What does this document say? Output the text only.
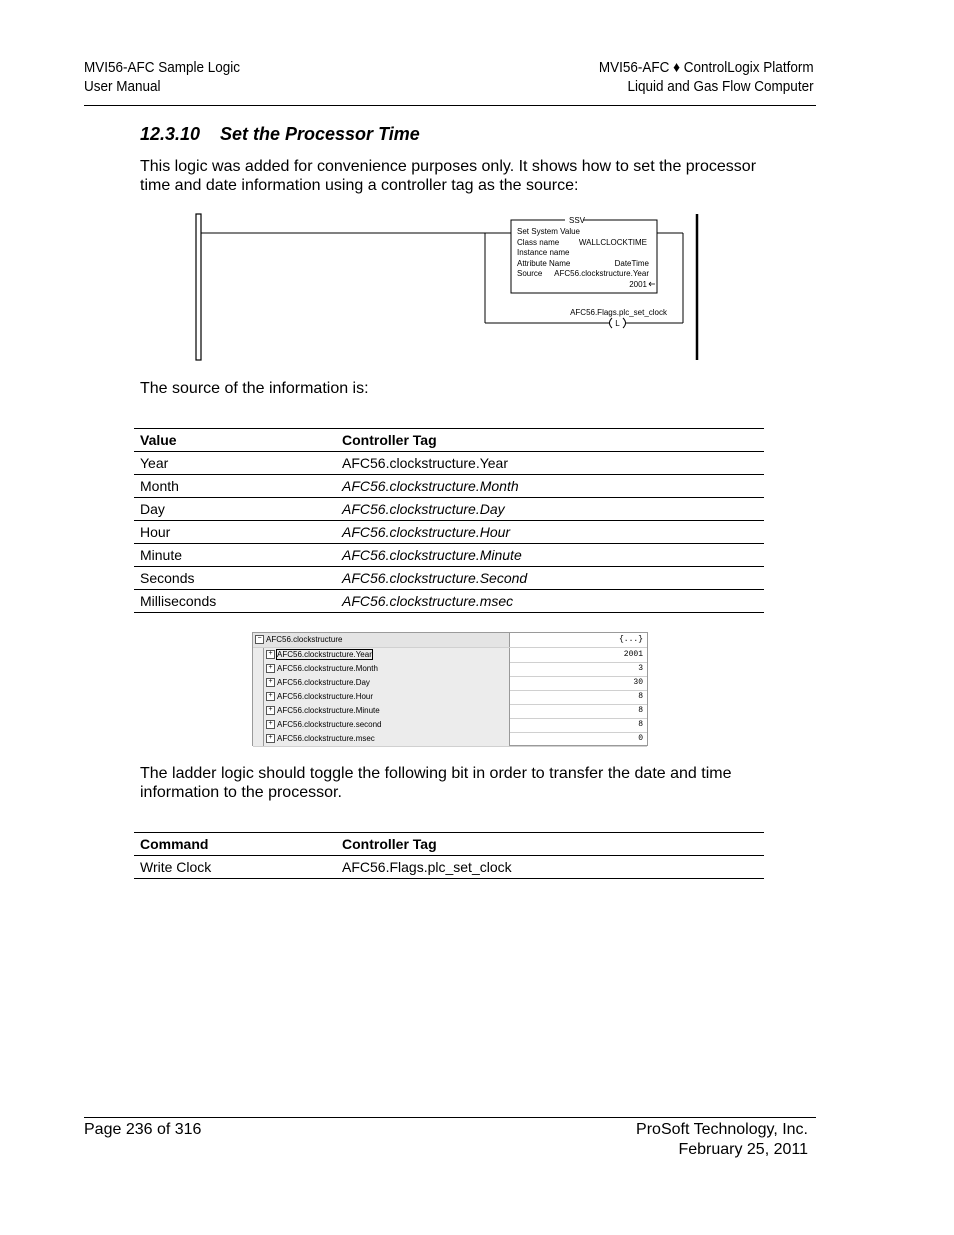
MVI56-AFC Sample Logic
User Manual
MVI56-AFC ♦ ControlLogix Platform
Liquid and Gas Flow Computer
12.3.10 Set the Processor Time

This logic was added for convenience purposes only. It shows how to set the processor time and date information using a controller tag as the source:

SSV
Set System Value
Class name WALLCLOCKTIME
Instance name
Attribute Name	DateTime
Source AFC56.clockstructure.Year
2001
AFC56.Flags.plc_set_clock
L

The source of the information is:

Value	Controller Tag
Year	AFC56.clockstructure.Year
Month	AFC56.clockstructure.Month
Day	AFC56.clockstructure.Day
Hour	AFC56.clockstructure.Hour
Minute	AFC56.clockstructure.Minute
Seconds	AFC56.clockstructure.Second
Milliseconds	AFC56.clockstructure.msec
− AFC56.clockstructure	{...}
+ AFC56.clockstructure.Year	2001
+ AFC56.clockstructure.Month	3
+ AFC56.clockstructure.Day	30
+ AFC56.clockstructure.Hour	8
+ AFC56.clockstructure.Minute	8
+ AFC56.clockstructure.second	8
+ AFC56.clockstructure.msec	0

The ladder logic should toggle the following bit in order to transfer the date and time information to the processor.

Command	Controller Tag
Write Clock	AFC56.Flags.plc_set_clock
Page 236 of 316	ProSoft Technology, Inc.
February 25, 2011
